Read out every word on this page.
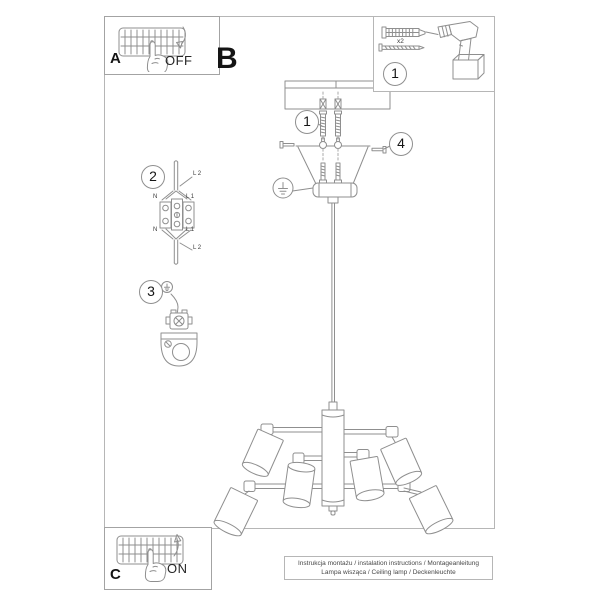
1
2
3
4
1
L 2
N	L 1
N	L 1
L 2
B
A	OFF
x2
C	ON	Instrukcja montażu / instalation instructions / Montageanleitung
Lampa wisząca / Ceiling lamp / Deckenleuchte
